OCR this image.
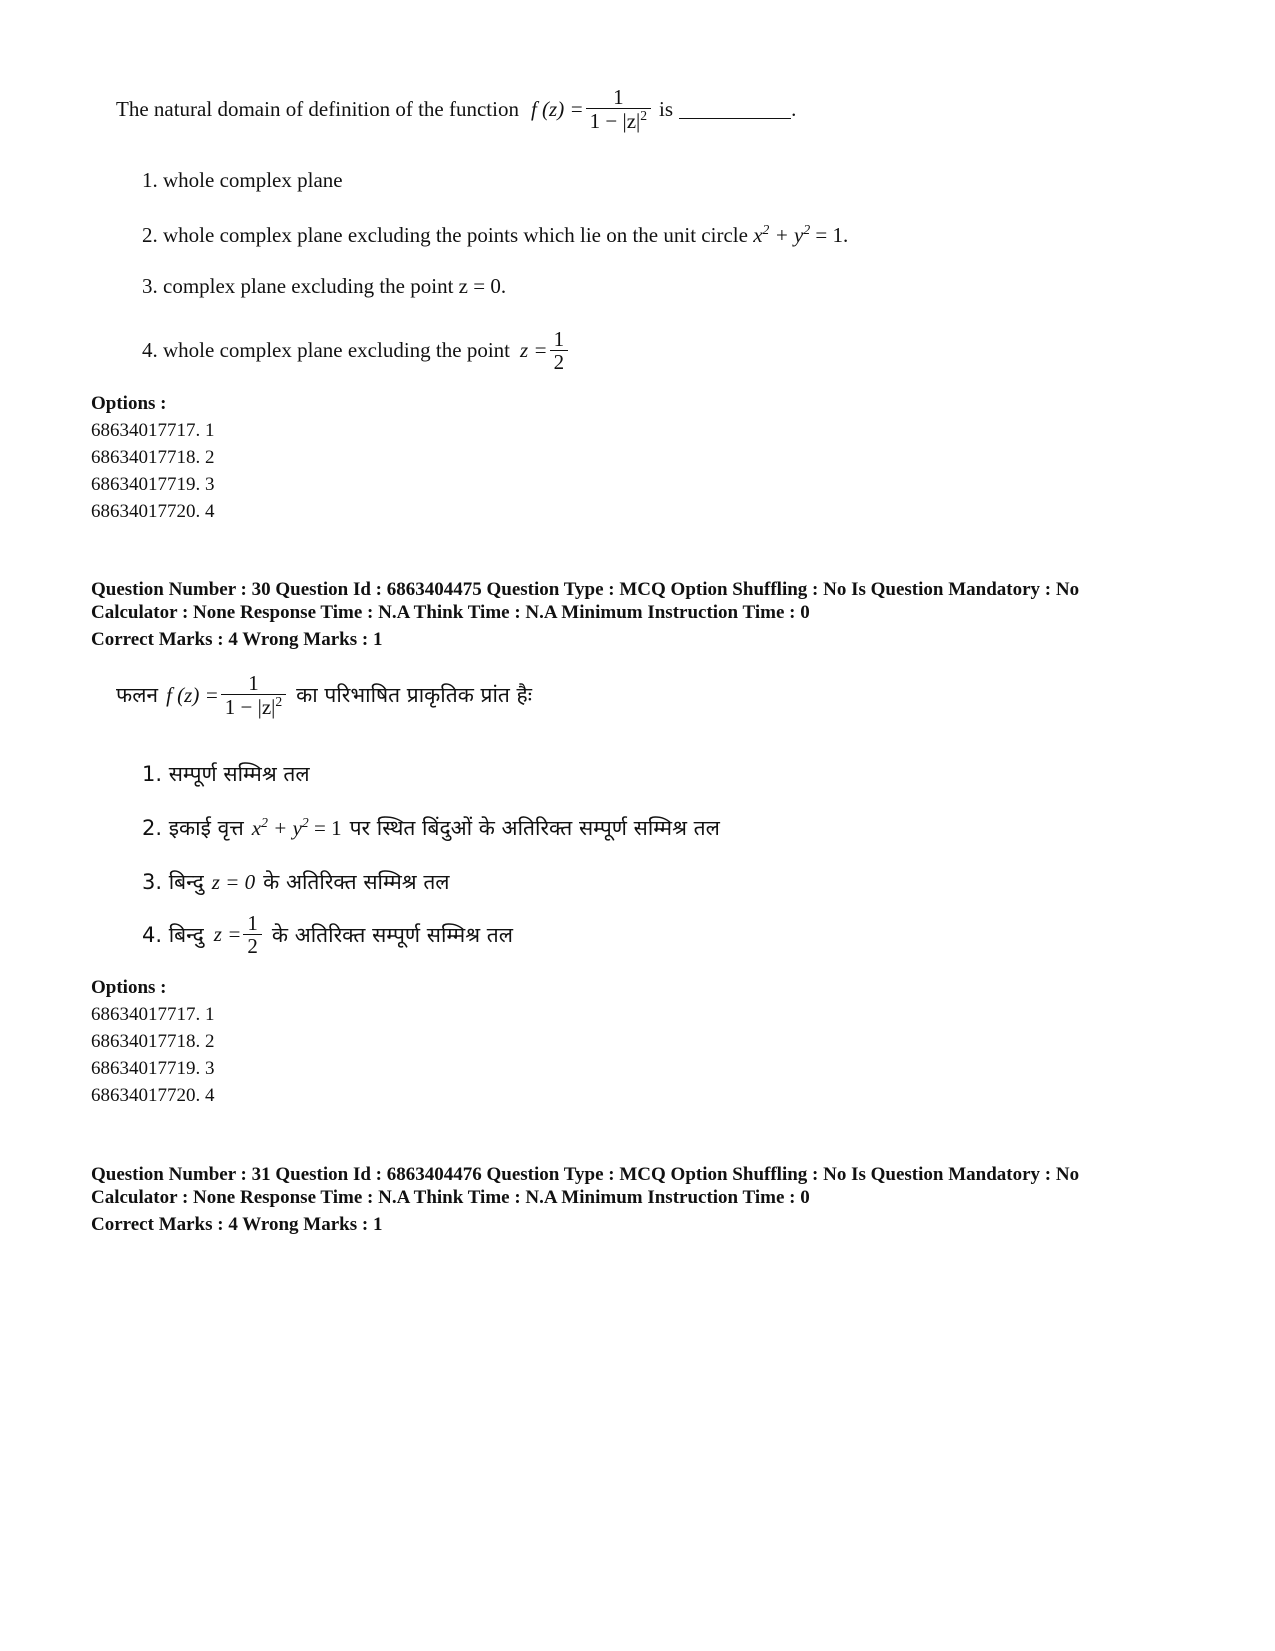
The natural domain of definition of the function f $(z) = \frac{1}{1 - |z|^2}$ is	.
1. whole complex plane
2. whole complex plane excluding the points which lie on the unit circle $x^2 + y^2 = 1$.
3. complex plane excluding the point z = 0.
4. whole complex plane excluding the point $z = \frac{1}{2}$
Options :
68634017717. 1
68634017718. 2
68634017719. 3
68634017720. 4
Question Number : 30 Question Id : 6863404475 Question Type : MCQ Option Shuffling : No Is Question Mandatory : No
Calculator : None Response Time : N.A Think Time : N.A Minimum Instruction Time : 0
Correct Marks : 4 Wrong Marks : 1
फलन f $(z) = \frac{1}{1 - |z|^2}$ का परिभाषित प्राकृतिक प्रांत हैः
1. सम्पूर्ण सम्मिश्र तल
2. इकाई वृत्त $x^2 + y^2 = 1$ पर स्थित बिंदुओं के अतिरिक्त सम्पूर्ण सम्मिश्र तल
3. बिन्दु z = 0 के अतिरिक्त सम्मिश्र तल
4. बिन्दु $z = \frac{1}{2}$ के अतिरिक्त सम्पूर्ण सम्मिश्र तल
Options :
68634017717. 1
68634017718. 2
68634017719. 3
68634017720. 4
Question Number : 31 Question Id : 6863404476 Question Type : MCQ Option Shuffling : No Is Question Mandatory : No
Calculator : None Response Time : N.A Think Time : N.A Minimum Instruction Time : 0
Correct Marks : 4 Wrong Marks : 1
